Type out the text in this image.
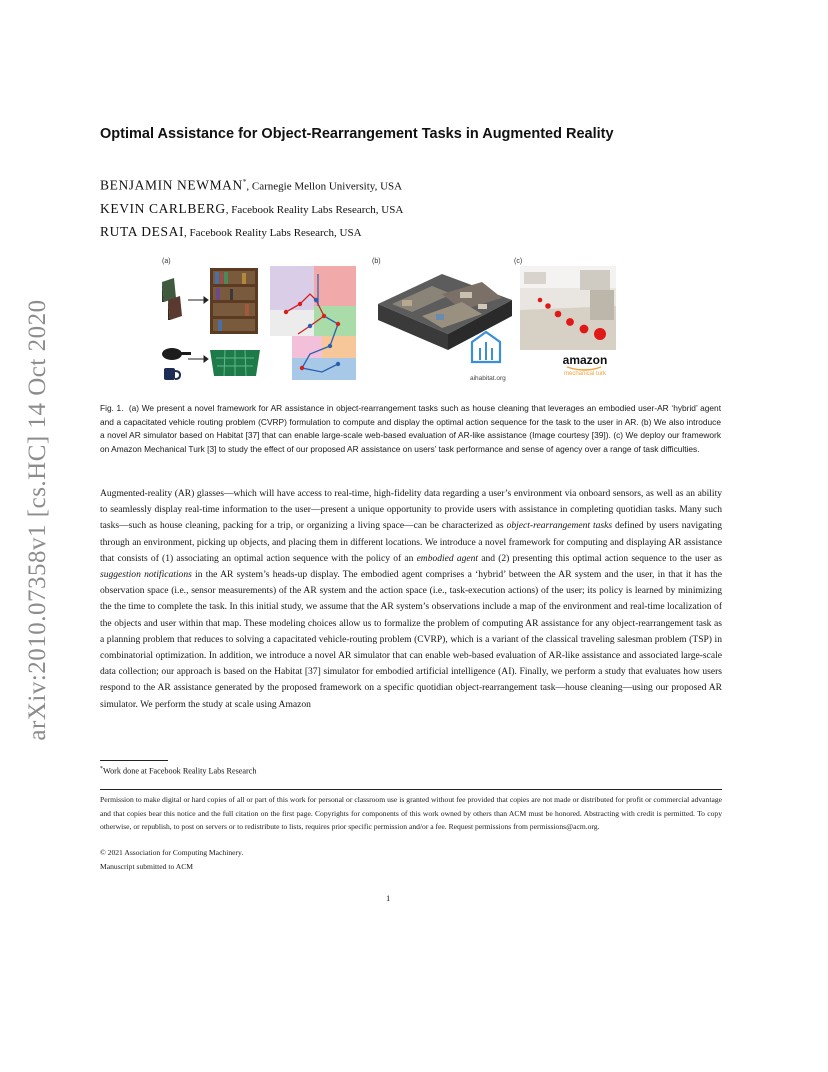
arXiv:2010.07358v1 [cs.HC] 14 Oct 2020
Optimal Assistance for Object-Rearrangement Tasks in Augmented Reality
BENJAMIN NEWMAN*, Carnegie Mellon University, USA
KEVIN CARLBERG, Facebook Reality Labs Research, USA
RUTA DESAI, Facebook Reality Labs Research, USA
(a)	(b)
aihabitat.org
(c)
amazon
mechanical turk
Fig. 1. (a) We present a novel framework for AR assistance in object-rearrangement tasks such as house cleaning that leverages an embodied user-AR ‘hybrid’ agent and a capacitated vehicle routing problem (CVRP) formulation to compute and display the optimal action sequence for the task to the user in AR. (b) We also introduce a novel AR simulator based on Habitat [37] that can enable large-scale web-based evaluation of AR-like assistance (Image courtesy [39]). (c) We deploy our framework on Amazon Mechanical Turk [3] to study the effect of our proposed AR assistance on users’ task performance and sense of agency over a range of task difficulties.
Augmented-reality (AR) glasses—which will have access to real-time, high-fidelity data regarding a user’s environment via onboard sensors, as well as an ability to seamlessly display real-time information to the user—present a unique opportunity to provide users with assistance in completing quotidian tasks. Many such tasks—such as house cleaning, packing for a trip, or organizing a living space—can be characterized as object-rearrangement tasks defined by users navigating through an environment, picking up objects, and placing them in different locations. We introduce a novel framework for computing and displaying AR assistance that consists of (1) associating an optimal action sequence with the policy of an embodied agent and (2) presenting this optimal action sequence to the user as suggestion notifications in the AR system’s heads-up display. The embodied agent comprises a ‘hybrid’ between the AR system and the user, in that it has the observation space (i.e., sensor measurements) of the AR system and the action space (i.e., task-execution actions) of the user; its policy is learned by minimizing the the time to complete the task. In this initial study, we assume that the AR system’s observations include a map of the environment and real-time localization of the objects and user within that map. These modeling choices allow us to formalize the problem of computing AR assistance for any object-rearrangement task as a planning problem that reduces to solving a capacitated vehicle-routing problem (CVRP), which is a variant of the classical traveling salesman problem (TSP) in combinatorial optimization. In addition, we introduce a novel AR simulator that can enable web-based evaluation of AR-like assistance and associated large-scale data collection; our approach is based on the Habitat [37] simulator for embodied artificial intelligence (AI). Finally, we perform a study that evaluates how users respond to the AR assistance generated by the proposed framework on a specific quotidian object-rearrangement task—house cleaning—using our proposed AR simulator. We perform the study at scale using Amazon
*Work done at Facebook Reality Labs Research
Permission to make digital or hard copies of all or part of this work for personal or classroom use is granted without fee provided that copies are not made or distributed for profit or commercial advantage and that copies bear this notice and the full citation on the first page. Copyrights for components of this work owned by others than ACM must be honored. Abstracting with credit is permitted. To copy otherwise, or republish, to post on servers or to redistribute to lists, requires prior specific permission and/or a fee. Request permissions from permissions@acm.org.
© 2021 Association for Computing Machinery.
Manuscript submitted to ACM
1
